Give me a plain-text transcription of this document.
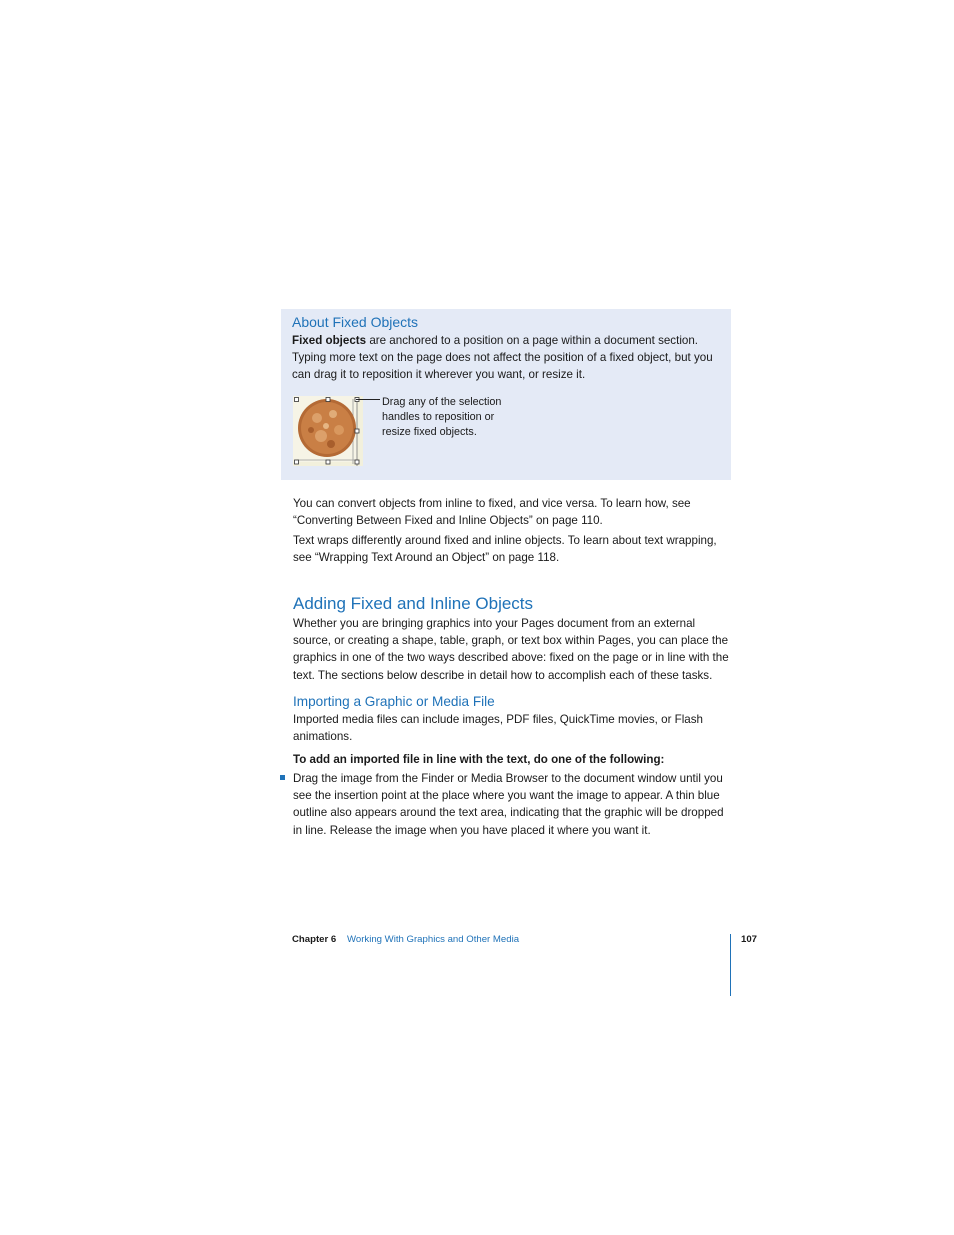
About Fixed Objects

Fixed objects are anchored to a position on a page within a document section. Typing more text on the page does not affect the position of a fixed object, but you can drag it to reposition it wherever you want, or resize it.

Drag any of the selection handles to reposition or resize fixed objects.

You can convert objects from inline to fixed, and vice versa. To learn how, see “Converting Between Fixed and Inline Objects” on page 110.

Text wraps differently around fixed and inline objects. To learn about text wrapping, see “Wrapping Text Around an Object” on page 118.

Adding Fixed and Inline Objects

Whether you are bringing graphics into your Pages document from an external source, or creating a shape, table, graph, or text box within Pages, you can place the graphics in one of the two ways described above: fixed on the page or in line with the text. The sections below describe in detail how to accomplish each of these tasks.

Importing a Graphic or Media File

Imported media files can include images, PDF files, QuickTime movies, or Flash animations.

To add an imported file in line with the text, do one of the following:

Drag the image from the Finder or Media Browser to the document window until you see the insertion point at the place where you want the image to appear. A thin blue outline also appears around the text area, indicating that the graphic will be dropped in line. Release the image when you have placed it where you want it.

Chapter 6 Working With Graphics and Other Media	107
